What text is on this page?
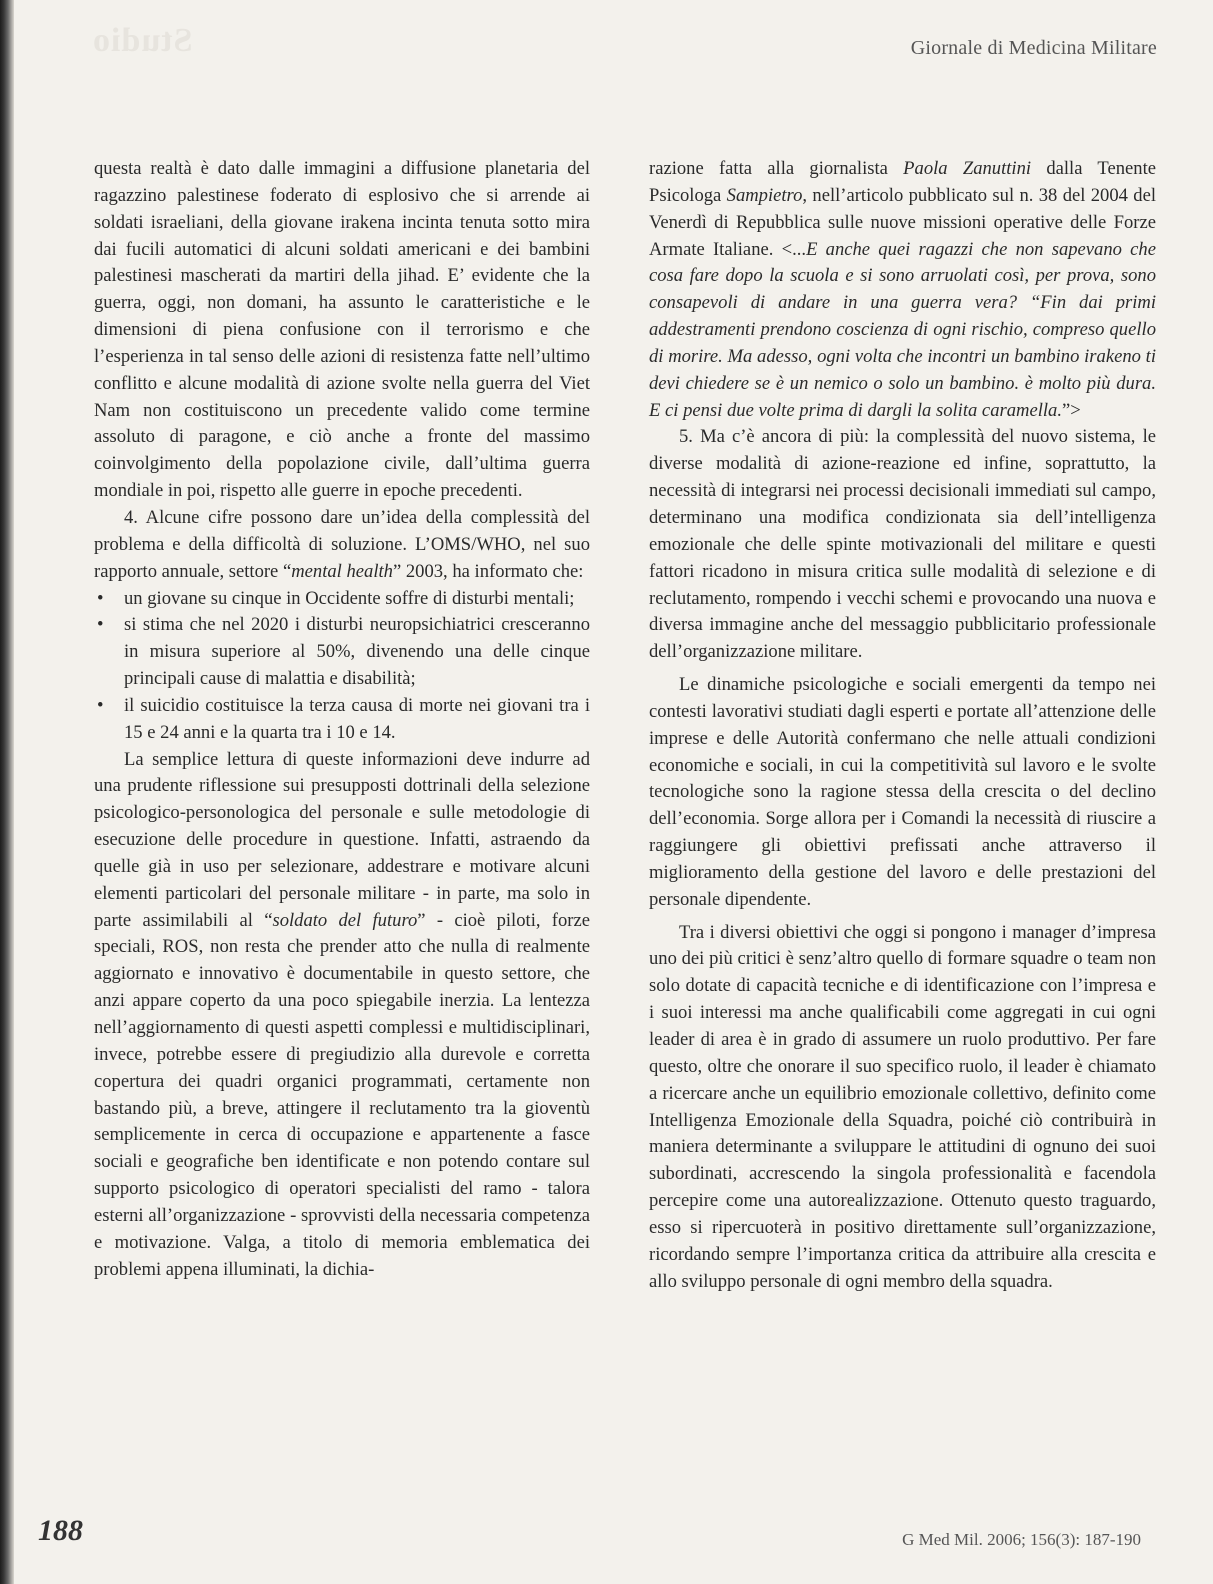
Studio	Giornale di Medicina Militare

questa realtà è dato dalle immagini a diffusione planetaria del ragazzino palestinese foderato di esplosivo che si arrende ai soldati israeliani, della giovane irakena incinta tenuta sotto mira dai fucili automatici di alcuni soldati americani e dei bambini palestinesi mascherati da martiri della jihad. E’ evidente che la guerra, oggi, non domani, ha assunto le caratteristiche e le dimensioni di piena confusione con il terrorismo e che l’esperienza in tal senso delle azioni di resistenza fatte nell’ultimo conflitto e alcune modalità di azione svolte nella guerra del Viet Nam non costituiscono un precedente valido come termine assoluto di paragone, e ciò anche a fronte del massimo coinvolgimento della popolazione civile, dall’ultima guerra mondiale in poi, rispetto alle guerre in epoche precedenti.

4. Alcune cifre possono dare un’idea della complessità del problema e della difficoltà di soluzione. L’OMS/WHO, nel suo rapporto annuale, settore “mental health” 2003, ha informato che:

• un giovane su cinque in Occidente soffre di disturbi mentali;
• si stima che nel 2020 i disturbi neuropsichiatrici cresceranno in misura superiore al 50%, divenendo una delle cinque principali cause di malattia e disabilità;
• il suicidio costituisce la terza causa di morte nei giovani tra i 15 e 24 anni e la quarta tra i 10 e 14.

La semplice lettura di queste informazioni deve indurre ad una prudente riflessione sui presupposti dottrinali della selezione psicologico-personologica del personale e sulle metodologie di esecuzione delle procedure in questione. Infatti, astraendo da quelle già in uso per selezionare, addestrare e motivare alcuni elementi particolari del personale militare - in parte, ma solo in parte assimilabili al “soldato del futuro” - cioè piloti, forze speciali, ROS, non resta che prender atto che nulla di realmente aggiornato e innovativo è documentabile in questo settore, che anzi appare coperto da una poco spiegabile inerzia. La lentezza nell’aggiornamento di questi aspetti complessi e multidisciplinari, invece, potrebbe essere di pregiudizio alla durevole e corretta copertura dei quadri organici programmati, certamente non bastando più, a breve, attingere il reclutamento tra la gioventù semplicemente in cerca di occupazione e appartenente a fasce sociali e geografiche ben identificate e non potendo contare sul supporto psicologico di operatori specialisti del ramo - talora esterni all’organizzazione - sprovvisti della necessaria competenza e motivazione. Valga, a titolo di memoria emblematica dei problemi appena illuminati, la dichia-

razione fatta alla giornalista Paola Zanuttini dalla Tenente Psicologa Sampietro, nell’articolo pubblicato sul n. 38 del 2004 del Venerdì di Repubblica sulle nuove missioni operative delle Forze Armate Italiane. <...E anche quei ragazzi che non sapevano che cosa fare dopo la scuola e si sono arruolati così, per prova, sono consapevoli di andare in una guerra vera? “Fin dai primi addestramenti prendono coscienza di ogni rischio, compreso quello di morire. Ma adesso, ogni volta che incontri un bambino irakeno ti devi chiedere se è un nemico o solo un bambino. è molto più dura. E ci pensi due volte prima di dargli la solita caramella.”>

5. Ma c’è ancora di più: la complessità del nuovo sistema, le diverse modalità di azione-reazione ed infine, soprattutto, la necessità di integrarsi nei processi decisionali immediati sul campo, determinano una modifica condizionata sia dell’intelligenza emozionale che delle spinte motivazionali del militare e questi fattori ricadono in misura critica sulle modalità di selezione e di reclutamento, rompendo i vecchi schemi e provocando una nuova e diversa immagine anche del messaggio pubblicitario professionale dell’organizzazione militare.

Le dinamiche psicologiche e sociali emergenti da tempo nei contesti lavorativi studiati dagli esperti e portate all’attenzione delle imprese e delle Autorità confermano che nelle attuali condizioni economiche e sociali, in cui la competitività sul lavoro e le svolte tecnologiche sono la ragione stessa della crescita o del declino dell’economia. Sorge allora per i Comandi la necessità di riuscire a raggiungere gli obiettivi prefissati anche attraverso il miglioramento della gestione del lavoro e delle prestazioni del personale dipendente.

Tra i diversi obiettivi che oggi si pongono i manager d’impresa uno dei più critici è senz’altro quello di formare squadre o team non solo dotate di capacità tecniche e di identificazione con l’impresa e i suoi interessi ma anche qualificabili come aggregati in cui ogni leader di area è in grado di assumere un ruolo produttivo. Per fare questo, oltre che onorare il suo specifico ruolo, il leader è chiamato a ricercare anche un equilibrio emozionale collettivo, definito come Intelligenza Emozionale della Squadra, poiché ciò contribuirà in maniera determinante a sviluppare le attitudini di ognuno dei suoi subordinati, accrescendo la singola professionalità e facendola percepire come una autorealizzazione. Ottenuto questo traguardo, esso si ripercuoterà in positivo direttamente sull’organizzazione, ricordando sempre l’importanza critica da attribuire alla crescita e allo sviluppo personale di ogni membro della squadra.

188	G Med Mil. 2006; 156(3): 187-190
